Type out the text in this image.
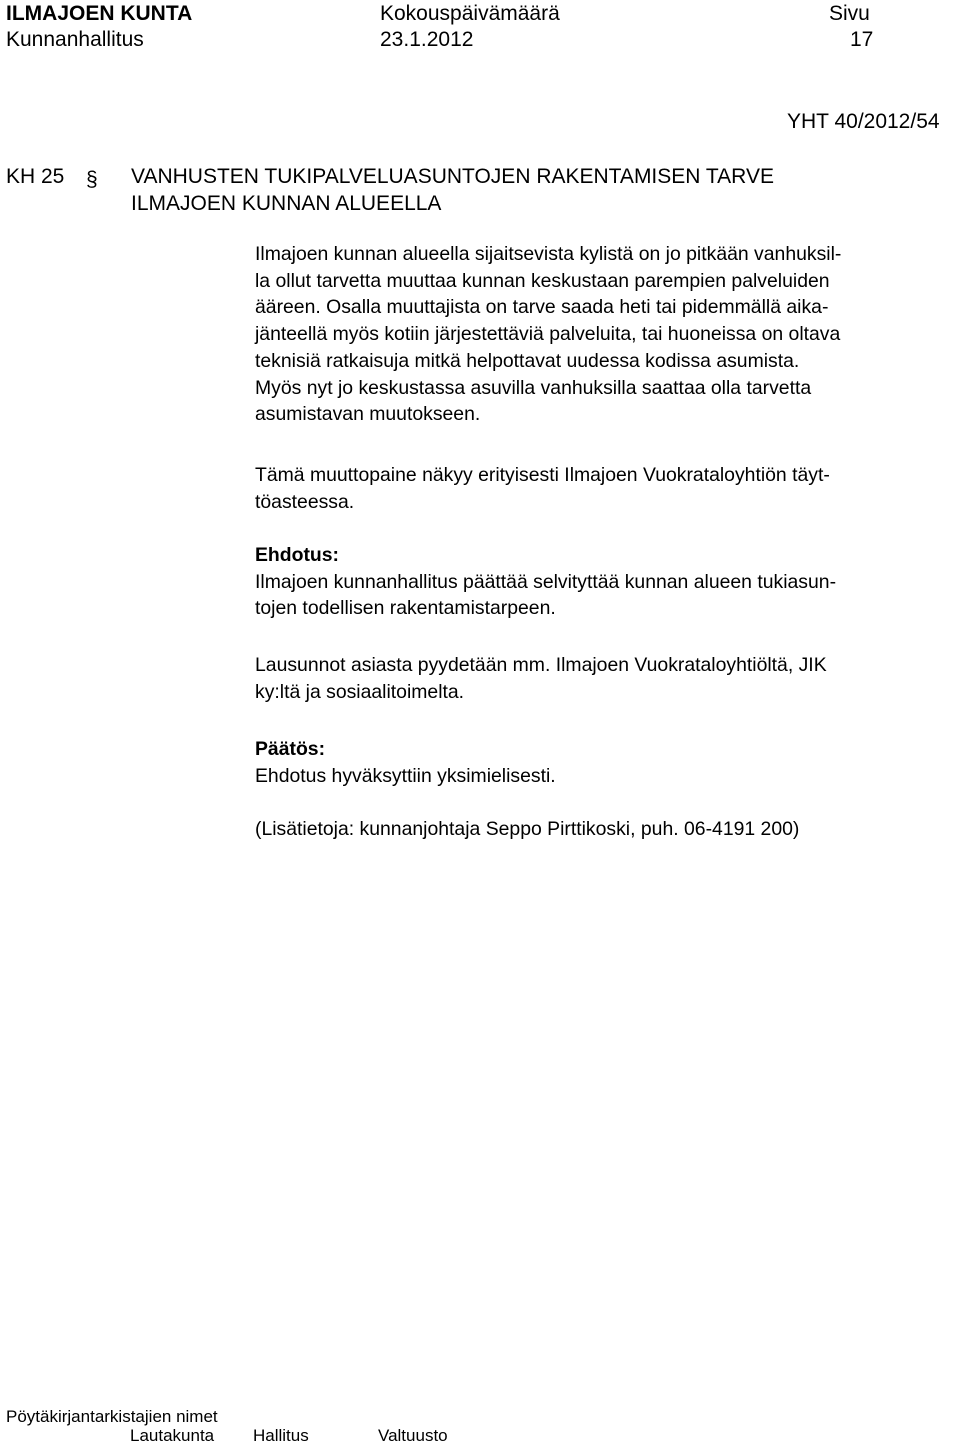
ILMAJOEN KUNTA
Kunnanhallitus
Kokouspäivämäärä
23.1.2012
Sivu
17
YHT 40/2012/54
KH 25 § VANHUSTEN TUKIPALVELUASUNTOJEN RAKENTAMISEN TARVE
ILMAJOEN KUNNAN ALUEELLA
Ilmajoen kunnan alueella sijaitsevista kylistä on jo pitkään vanhuksil-
la ollut tarvetta muuttaa kunnan keskustaan parempien palveluiden
ääreen. Osalla muuttajista on tarve saada heti tai pidemmällä aika-
jänteellä myös kotiin järjestettäviä palveluita, tai huoneissa on oltava
teknisiä ratkaisuja mitkä helpottavat uudessa kodissa asumista.
Myös nyt jo keskustassa asuvilla vanhuksilla saattaa olla tarvetta
asumistavan muutokseen.
Tämä muuttopaine näkyy erityisesti Ilmajoen Vuokrataloyhtiön täyt-
töasteessa.
Ehdotus:
Ilmajoen kunnanhallitus päättää selvityttää kunnan alueen tukiasun-
tojen todellisen rakentamistarpeen.
Lausunnot asiasta pyydetään mm. Ilmajoen Vuokrataloyhtiöltä, JIK
ky:ltä ja sosiaalitoimelta.
Päätös:
Ehdotus hyväksyttiin yksimielisesti.
(Lisätietoja: kunnanjohtaja Seppo Pirttikoski, puh. 06-4191 200)
Pöytäkirjantarkistajien nimet
Lautakunta Hallitus	Valtuusto
